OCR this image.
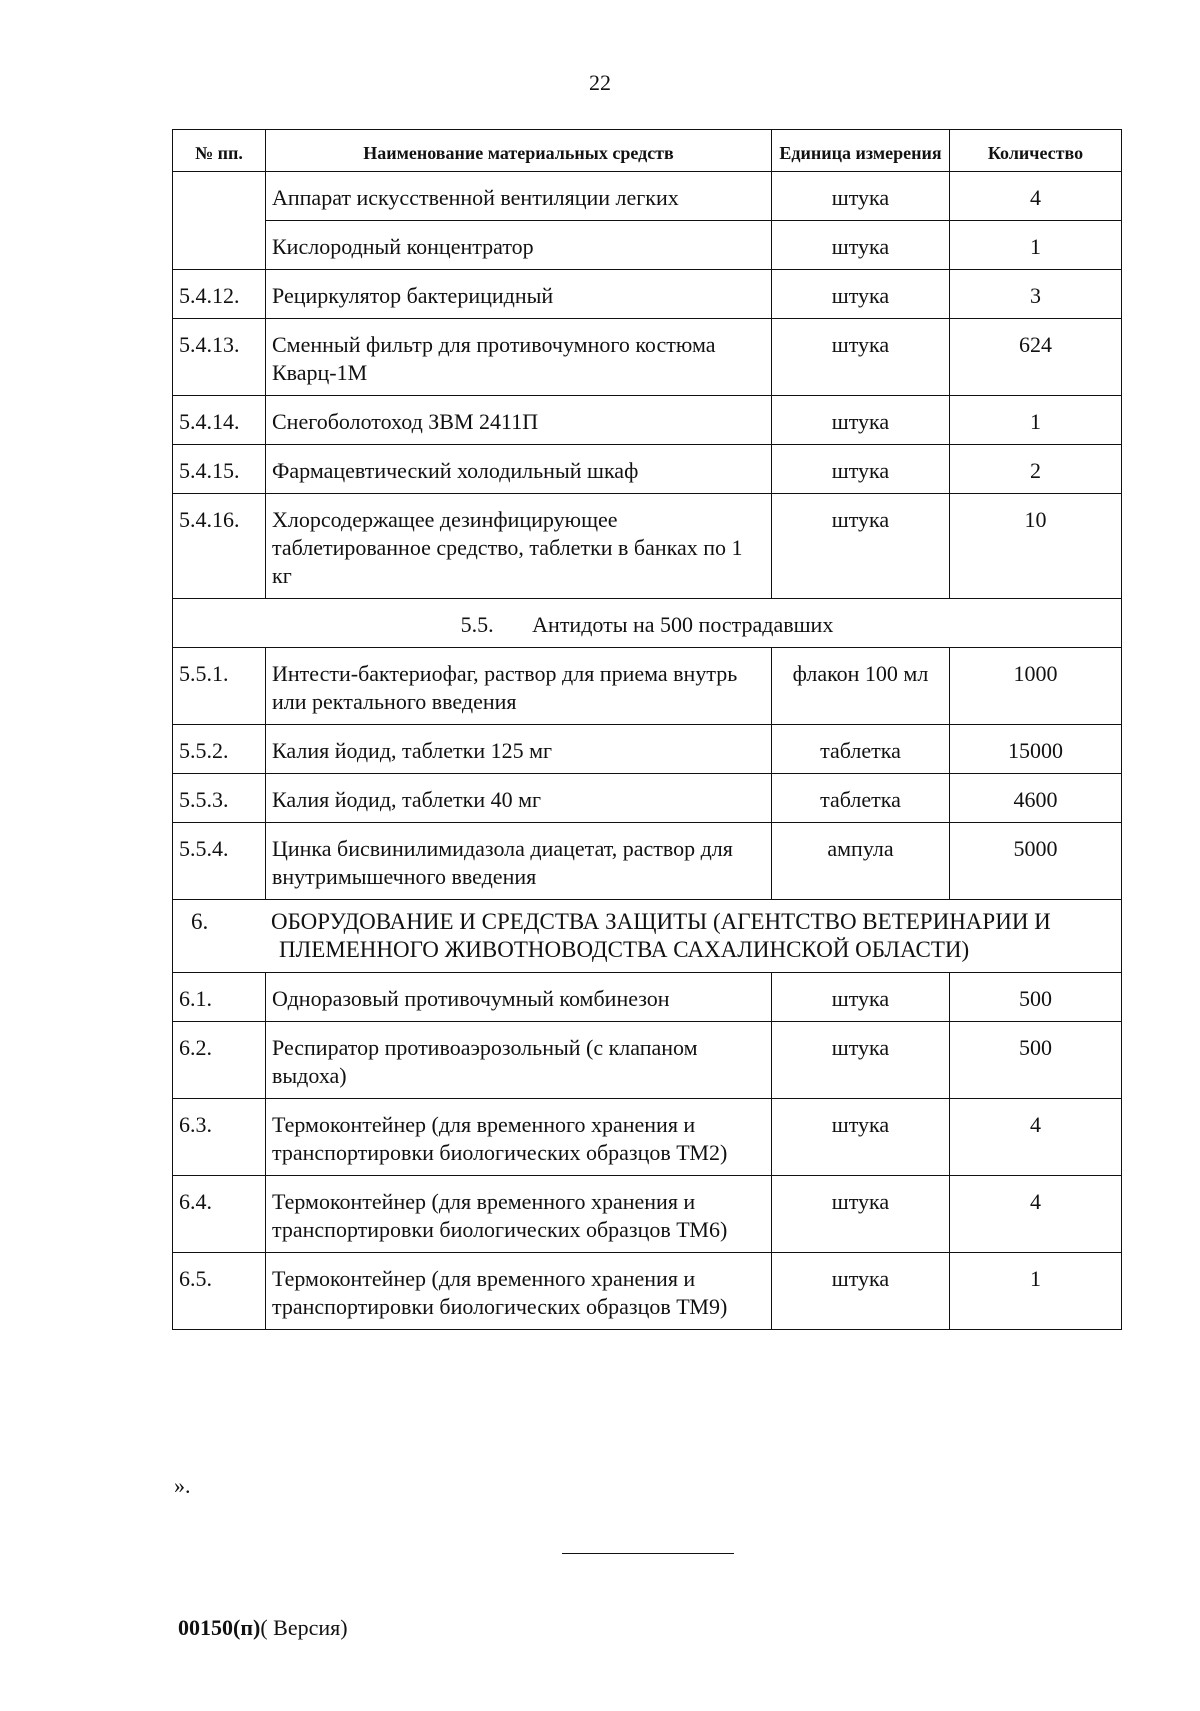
22
№ пп.	Наименование материальных средств	Единица измерения	Количество
	Аппарат искусственной вентиляции легких	штука	4
	Кислородный концентратор	штука	1
5.4.12.	Рециркулятор бактерицидный	штука	3
5.4.13.	Сменный фильтр для противочумного костюма Кварц-1М	штука	624
5.4.14.	Снегоболотоход ЗВМ 2411П	штука	1
5.4.15.	Фармацевтический холодильный шкаф	штука	2
5.4.16.	Хлорсодержащее дезинфицирующее таблетированное средство, таблетки в банках по 1 кг	штука	10
5.5. Антидоты на 500 пострадавших			
5.5.1.	Интести-бактериофаг, раствор для приема внутрь или ректального введения	флакон 100 мл	1000
5.5.2.	Калия йодид, таблетки 125 мг	таблетка	15000
5.5.3.	Калия йодид, таблетки 40 мг	таблетка	4600
5.5.4.	Цинка бисвинилимидазола диацетат, раствор для внутримышечного введения	ампула	5000
6. ОБОРУДОВАНИЕ И СРЕДСТВА ЗАЩИТЫ (АГЕНТСТВО ВЕТЕРИНАРИИ И
ПЛЕМЕННОГО ЖИВОТНОВОДСТВА САХАЛИНСКОЙ ОБЛАСТИ)			
6.1.	Одноразовый противочумный комбинезон	штука	500
6.2.	Респиратор противоаэрозольный (с клапаном выдоха)	штука	500
6.3.	Термоконтейнер (для временного хранения и транспортировки биологических образцов ТМ2)	штука	4
6.4.	Термоконтейнер (для временного хранения и транспортировки биологических образцов ТМ6)	штука	4
6.5.	Термоконтейнер (для временного хранения и транспортировки биологических образцов ТМ9)	штука	1
».
00150(п)( Версия)
